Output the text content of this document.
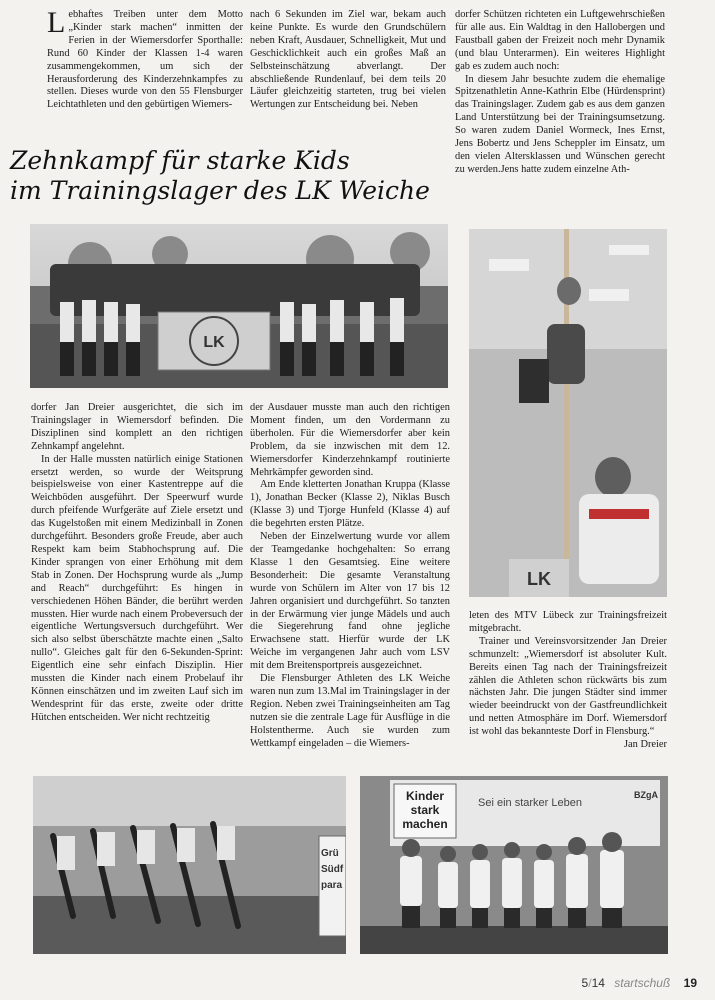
Lebhaftes Treiben unter dem Motto „Kinder stark machen“ inmitten der Ferien in der Wiemersdorfer Sporthalle: Rund 60 Kinder der Klassen 1-4 waren zusammengekommen, um sich der Herausforderung des Kinderzehnkampfes zu stellen. Dieses wurde von den 55 Flensburger Leichtathleten und den gebürtigen Wiemers-

nach 6 Sekunden im Ziel war, bekam auch keine Punkte. Es wurde den Grundschülern neben Kraft, Ausdauer, Schnelligkeit, Mut und Geschicklichkeit auch ein großes Maß an Selbsteinschätzung abverlangt. Der abschließende Rundenlauf, bei dem teils 20 Läufer gleichzeitig starteten, trug bei vielen Wertungen zur Entscheidung bei. Neben

dorfer Schützen richteten ein Luftgewehrschießen für alle aus. Ein Waldtag in den Hallobergen und Faustball gaben der Freizeit noch mehr Dynamik (und blau Unterarmen). Ein weiteres Highlight gab es zudem auch noch:

In diesem Jahr besuchte zudem die ehemalige Spitzenathletin Anne-Kathrin Elbe (Hürdensprint) das Trainingslager. Zudem gab es aus dem ganzen Land Unterstützung bei der Trainingsumsetzung. So waren zudem Daniel Wormeck, Ines Ernst, Jens Bobertz und Jens Scheppler im Einsatz, um den vielen Altersklassen und Wünschen gerecht zu werden.Jens hatte zudem einzelne Ath-

Zehnkampf für starke Kids
im Trainingslager des LK Weiche
LK
LK

dorfer Jan Dreier ausgerichtet, die sich im Trainingslager in Wiemersdorf befinden. Die Disziplinen sind komplett an den richtigen Zehnkampf angelehnt.

In der Halle mussten natürlich einige Stationen ersetzt werden, so wurde der Weitsprung beispielsweise von einer Kastentreppe auf die Weichböden ausgeführt. Der Speerwurf wurde durch pfeifende Wurfgeräte auf Ziele ersetzt und das Kugelstoßen mit einem Medizinball in Zonen durchgeführt. Besonders große Freude, aber auch Respekt kam beim Stabhochsprung auf. Die Kinder sprangen von einer Erhöhung mit dem Stab in Zonen. Der Hochsprung wurde als „Jump and Reach“ durchgeführt: Es hingen in verschiedenen Höhen Bänder, die berührt werden mussten. Hier wurde nach einem Probeversuch der eigentliche Wertungsversuch durchgeführt. Wer sich also selbst überschätzte machte einen „Salto nullo“. Gleiches galt für den 6-Sekunden-Sprint: Eigentlich eine sehr einfach Disziplin. Hier mussten die Kinder nach einem Probelauf ihr Können einschätzen und im zweiten Lauf sich im Wendesprint für das erste, zweite oder dritte Hütchen entscheiden. Wer nicht rechtzeitig

der Ausdauer musste man auch den richtigen Moment finden, um den Vordermann zu überholen. Für die Wiemersdorfer aber kein Problem, da sie inzwischen mit dem 12. Wiemersdorfer Kinderzehnkampf routinierte Mehrkämpfer geworden sind.

Am Ende kletterten Jonathan Kruppa (Klasse 1), Jonathan Becker (Klasse 2), Niklas Busch (Klasse 3) und Tjorge Hunfeld (Klasse 4) auf die begehrten ersten Plätze.

Neben der Einzelwertung wurde vor allem der Teamgedanke hochgehalten: So errang Klasse 1 den Gesamtsieg. Eine weitere Besonderheit: Die gesamte Veranstaltung wurde von Schülern im Alter von 17 bis 12 Jahren organisiert und durchgeführt. So tanzten in der Erwärmung vier junge Mädels und auch die Siegerehrung fand ohne jegliche Erwachsene statt. Hierfür wurde der LK Weiche im vergangenen Jahr auch vom LSV mit dem Breitensportpreis ausgezeichnet.

Die Flensburger Athleten des LK Weiche waren nun zum 13.Mal im Trainingslager in der Region. Neben zwei Trainingseinheiten am Tag nutzen sie die zentrale Lage für Ausflüge in die Holstentherme. Auch sie wurden zum Wettkampf eingeladen – die Wiemers-

leten des MTV Lübeck zur Trainingsfreizeit mitgebracht.

Trainer und Vereinsvorsitzender Jan Dreier schmunzelt: „Wiemersdorf ist absoluter Kult. Bereits einen Tag nach der Trainingsfreizeit zählen die Athleten schon rückwärts bis zum nächsten Jahr. Die jungen Städter sind immer wieder beeindruckt von der Gastfreundlichkeit und netten Atmosphäre im Dorf. Wiemersdorf ist wohl das bekannteste Dorf in Flensburg.“

Jan Dreier
Grü
Südf
para
Kinder
stark
machen
Sei ein starker Leben
BZgA
5/14 startschuß 19
